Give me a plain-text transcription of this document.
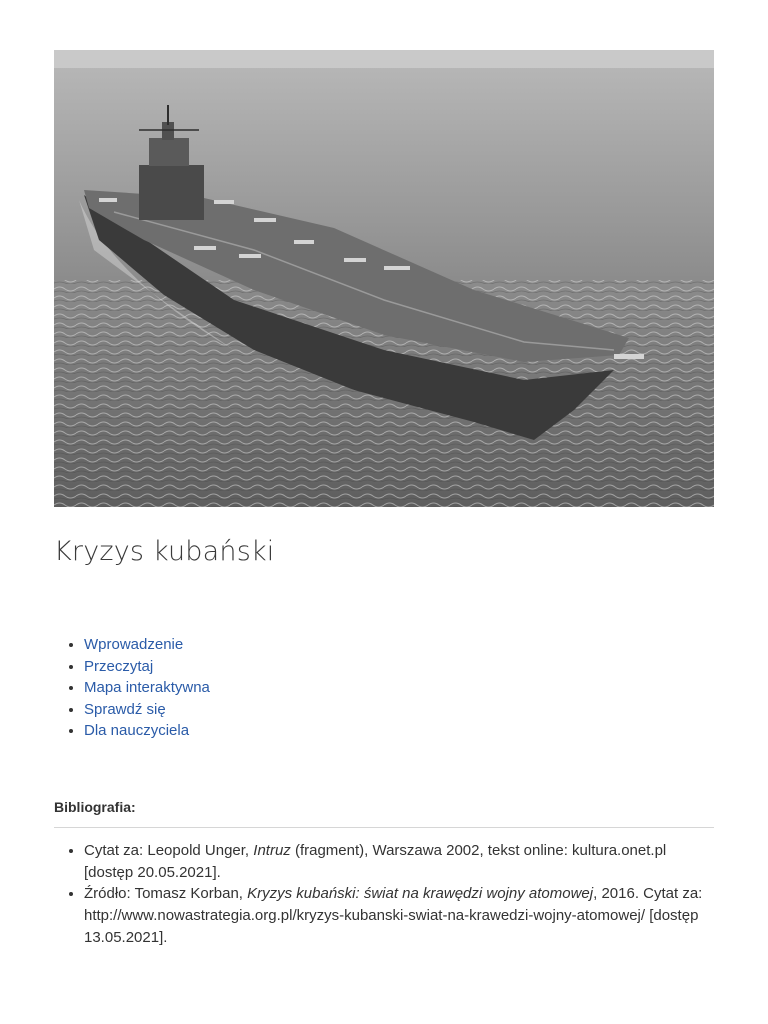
Kryzys kubański
• Wprowadzenie
• Przeczytaj
• Mapa interaktywna
• Sprawdź się
• Dla nauczyciela

Bibliografia:

• Cytat za: Leopold Unger, Intruz (fragment), Warszawa 2002, tekst online: kultura.onet.pl [dostęp 20.05.2021].
• Źródło: Tomasz Korban, Kryzys kubański: świat na krawędzi wojny atomowej, 2016. Cytat za: http://www.nowastrategia.org.pl/kryzys-kubanski-swiat-na-krawedzi-wojny-atomowej/ [dostęp 13.05.2021].
